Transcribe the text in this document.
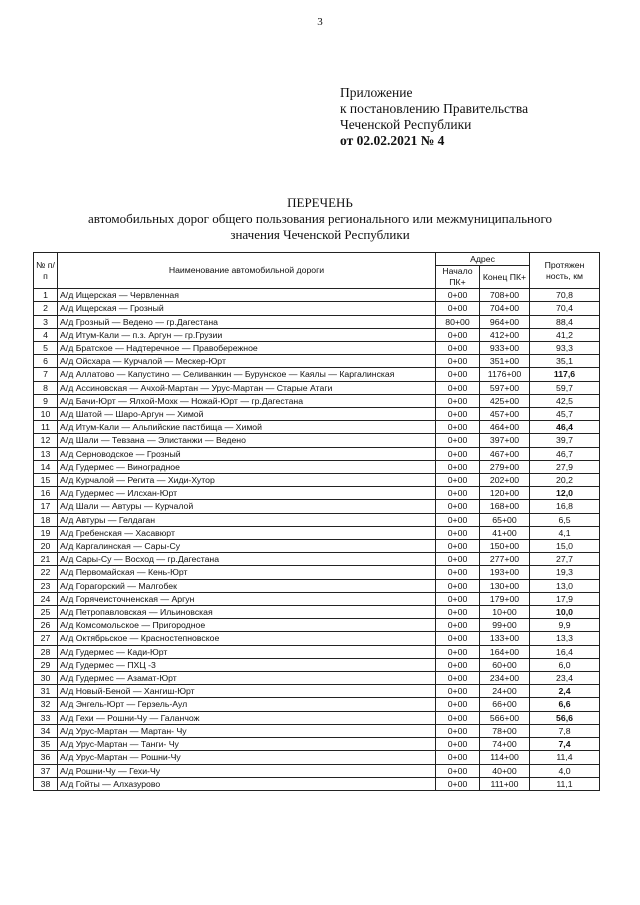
3
Приложение
к постановлению Правительства
Чеченской Республики
от 02.02.2021 № 4
ПЕРЕЧЕНЬ
автомобильных дорог общего пользования регионального или межмуниципального
значения Чеченской Республики
№ п/п	Наименование автомобильной дороги	Адрес		Протяжен ность, км
		Начало ПК+	Конец ПК+	
1	А/д Ищерская — Червленная	0+00	708+00	70,8
2	А/д Ищерская — Грозный	0+00	704+00	70,4
3	А/д Грозный — Ведено — гр.Дагестана	80+00	964+00	88,4
4	А/д Итум-Кали — п.з. Аргун — гр.Грузии	0+00	412+00	41,2
5	А/д Братское — Надтеречное — Правобережное	0+00	933+00	93,3
6	А/д Ойсхара — Курчалой — Мескер-Юрт	0+00	351+00	35,1
7	А/д Аллатово — Капустино — Селиванкин — Бурунское — Каялы — Каргалинская	0+00	1176+00	117,6
8	А/д Ассиновская — Ачхой-Мартан — Урус-Мартан — Старые Атаги	0+00	597+00	59,7
9	А/д Бачи-Юрт — Ялхой-Мохк — Ножай-Юрт — гр.Дагестана	0+00	425+00	42,5
10	А/д Шатой — Шаро-Аргун — Химой	0+00	457+00	45,7
11	А/д Итум-Кали — Альпийские пастбища — Химой	0+00	464+00	46,4
12	А/д Шали — Тевзана — Элистанжи — Ведено	0+00	397+00	39,7
13	А/д Серноводское — Грозный	0+00	467+00	46,7
14	А/д Гудермес — Виноградное	0+00	279+00	27,9
15	А/д Курчалой — Регита — Хиди-Хутор	0+00	202+00	20,2
16	А/д Гудермес — Илсхан-Юрт	0+00	120+00	12,0
17	А/д Шали — Автуры — Курчалой	0+00	168+00	16,8
18	А/д Автуры — Гелдаган	0+00	65+00	6,5
19	А/д Гребенская — Хасавюрт	0+00	41+00	4,1
20	А/д Каргалинская — Сары-Су	0+00	150+00	15,0
21	А/д Сары-Су — Восход — гр.Дагестана	0+00	277+00	27,7
22	А/д Первомайская — Кень-Юрт	0+00	193+00	19,3
23	А/д Горагорский — Малгобек	0+00	130+00	13,0
24	А/д Горячеисточненская — Аргун	0+00	179+00	17,9
25	А/д Петропавловская — Ильиновская	0+00	10+00	10,0
26	А/д Комсомольское — Пригородное	0+00	99+00	9,9
27	А/д Октябрьское — Красностепновское	0+00	133+00	13,3
28	А/д Гудермес — Кади-Юрт	0+00	164+00	16,4
29	А/д Гудермес — ПХЦ -3	0+00	60+00	6,0
30	А/д Гудермес — Азамат-Юрт	0+00	234+00	23,4
31	А/д Новый-Беной — Хангиш-Юрт	0+00	24+00	2,4
32	А/д Энгель-Юрт — Герзель-Аул	0+00	66+00	6,6
33	А/д Гехи — Рошни-Чу — Галанчож	0+00	566+00	56,6
34	А/д Урус-Мартан — Мартан- Чу	0+00	78+00	7,8
35	А/д Урус-Мартан — Танги- Чу	0+00	74+00	7,4
36	А/д Урус-Мартан — Рошни-Чу	0+00	114+00	11,4
37	А/д Рошни-Чу — Гехи-Чу	0+00	40+00	4,0
38	А/д Гойты — Алхазурово	0+00	111+00	11,1
